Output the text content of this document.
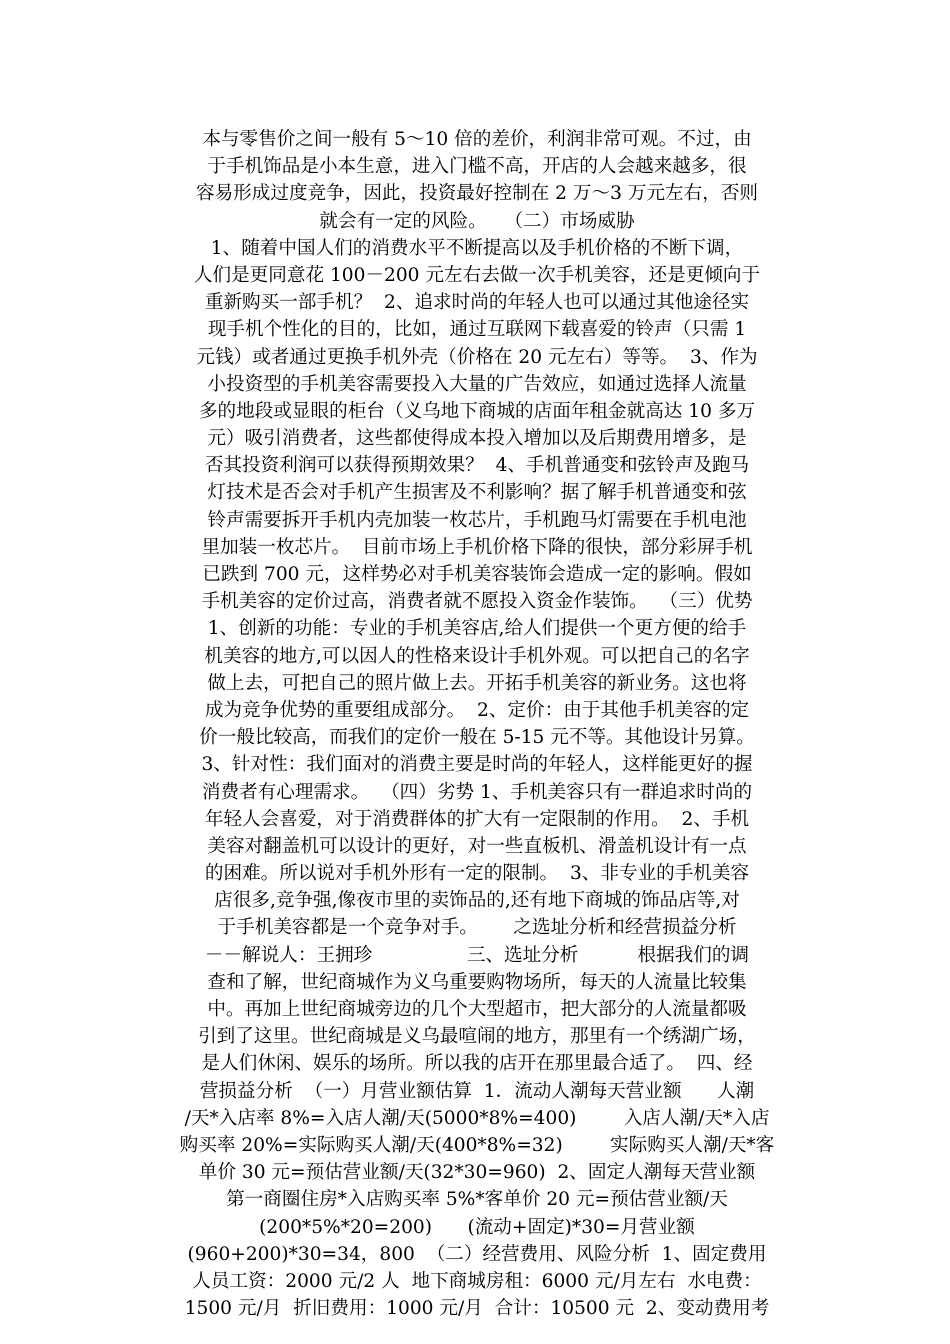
本与零售价之间一般有 5～10 倍的差价，利润非常可观。不过，由
于手机饰品是小本生意，进入门槛不高，开店的人会越来越多，很
容易形成过度竞争，因此，投资最好控制在 2 万～3 万元左右，否则
就会有一定的风险。   （二）市场威胁
1、随着中国人们的消费水平不断提高以及手机价格的不断下调，
人们是更同意花 100－200 元左右去做一次手机美容，还是更倾向于
重新购买一部手机？  2、追求时尚的年轻人也可以通过其他途径实
现手机个性化的目的，比如，通过互联网下载喜爱的铃声（只需 1
元钱）或者通过更换手机外壳（价格在 20 元左右）等等。  3、作为
小投资型的手机美容需要投入大量的广告效应，如通过选择人流量
多的地段或显眼的柜台（义乌地下商城的店面年租金就高达 10 多万
元）吸引消费者，这些都使得成本投入增加以及后期费用增多，是
否其投资利润可以获得预期效果？  4、手机普通变和弦铃声及跑马
灯技术是否会对手机产生损害及不利影响？据了解手机普通变和弦
铃声需要拆开手机内壳加装一枚芯片，手机跑马灯需要在手机电池
里加装一枚芯片。  目前市场上手机价格下降的很快，部分彩屏手机
已跌到 700 元，这样势必对手机美容装饰会造成一定的影响。假如
手机美容的定价过高，消费者就不愿投入资金作装饰。  （三）优势
1、创新的功能：专业的手机美容店,给人们提供一个更方便的给手
机美容的地方,可以因人的性格来设计手机外观。可以把自己的名字
做上去，可把自己的照片做上去。开拓手机美容的新业务。这也将
成为竞争优势的重要组成部分。  2、定价：由于其他手机美容的定
价一般比较高，而我们的定价一般在 5-15 元不等。其他设计另算。
3、针对性：我们面对的消费主要是时尚的年轻人，这样能更好的握
消费者有心理需求。  （四）劣势 1、手机美容只有一群追求时尚的
年轻人会喜爱，对于消费群体的扩大有一定限制的作用。  2、手机
美容对翻盖机可以设计的更好，对一些直板机、滑盖机设计有一点
的困难。所以说对手机外形有一定的限制。  3、非专业的手机美容
店很多,竞争强,像夜市里的卖饰品的,还有地下商城的饰品店等,对
于手机美容都是一个竞争对手。      之选址分析和经营损益分析
－－解说人：王拥珍                三、选址分析          根据我们的调
查和了解，世纪商城作为义乌重要购物场所，每天的人流量比较集
中。再加上世纪商城旁边的几个大型超市，把大部分的人流量都吸
引到了这里。世纪商城是义乌最喧闹的地方，那里有一个绣湖广场，
是人们休闲、娱乐的场所。所以我的店开在那里最合适了。  四、经
营损益分析  （一）月营业额估算  1．流动人潮每天营业额      人潮
/天*入店率 8%=入店人潮/天(5000*8%=400)        入店人潮/天*入店
购买率 20%=实际购买人潮/天(400*8%=32)        实际购买人潮/天*客
单价 30 元=预估营业额/天(32*30=960)  2、固定人潮每天营业额
第一商圈住房*入店购买率 5%*客单价 20 元=预估营业额/天
(200*5%*20=200)      (流动+固定)*30=月营业额
(960+200)*30=34，800  （二）经营费用、风险分析  1、固定费用
人员工资：2000 元/2 人  地下商城房租：6000 元/月左右  水电费：
1500 元/月  折旧费用：1000 元/月  合计：10500 元  2、变动费用考
